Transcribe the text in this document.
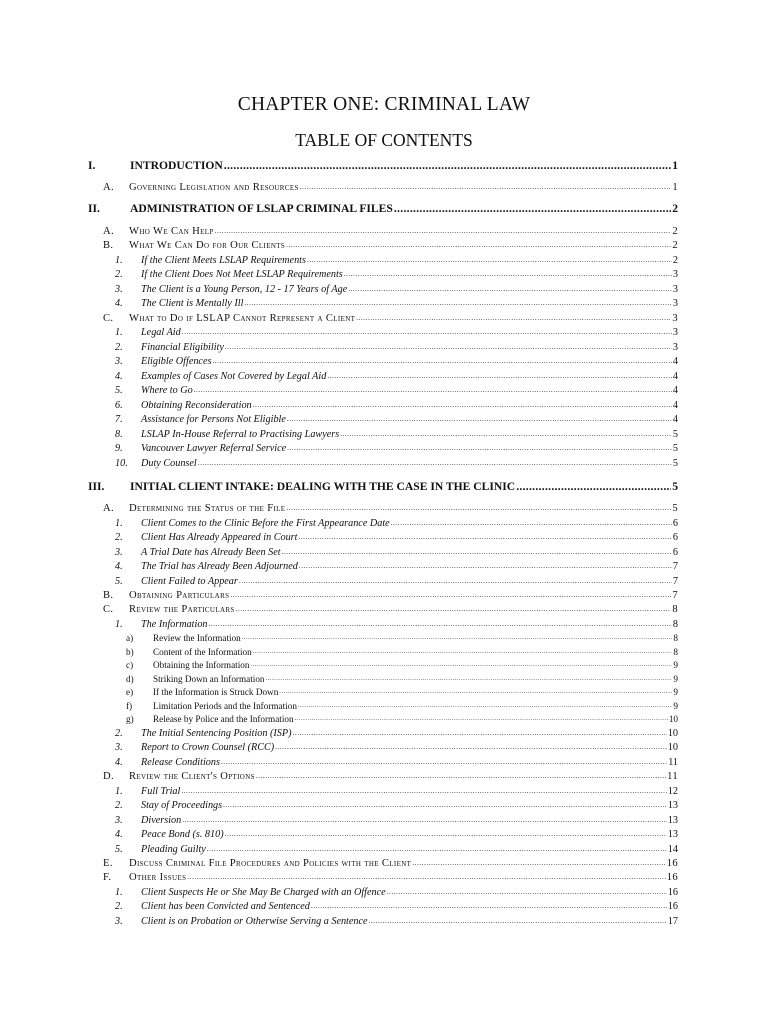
CHAPTER ONE: CRIMINAL LAW
TABLE OF CONTENTS
I.	INTRODUCTION .....	1
A. Governing Legislation and Resources .....	1
II.	ADMINISTRATION OF LSLAP CRIMINAL FILES .....	2
A. Who We Can Help .....	2
B. What We Can Do for Our Clients .....	2
1. If the Client Meets LSLAP Requirements .....	2
2. If the Client Does Not Meet LSLAP Requirements .....	3
3. The Client is a Young Person, 12 - 17 Years of Age .....	3
4. The Client is Mentally Ill .....	3
C. What to Do if LSLAP Cannot Represent a Client .....	3
1. Legal Aid .....	3
2. Financial Eligibility .....	3
3. Eligible Offences .....	4
4. Examples of Cases Not Covered by Legal Aid .....	4
5. Where to Go .....	4
6. Obtaining Reconsideration .....	4
7. Assistance for Persons Not Eligible .....	4
8. LSLAP In-House Referral to Practising Lawyers .....	5
9. Vancouver Lawyer Referral Service .....	5
10. Duty Counsel .....	5
III. INITIAL CLIENT INTAKE: DEALING WITH THE CASE IN THE CLINIC .....	5
A. Determining the Status of the File .....	5
1. Client Comes to the Clinic Before the First Appearance Date .....	6
2. Client Has Already Appeared in Court .....	6
3. A Trial Date has Already Been Set .....	6
4. The Trial has Already Been Adjourned .....	7
5. Client Failed to Appear .....	7
B. Obtaining Particulars .....	7
C. Review the Particulars .....	8
1. The Information .....	8
a) Review the Information .....	8
b) Content of the Information .....	8
c) Obtaining the Information .....	9
d) Striking Down an Information .....	9
e) If the Information is Struck Down .....	9
f) Limitation Periods and the Information .....	9
g) Release by Police and the Information .....	10
2. The Initial Sentencing Position (ISP) .....	10
3. Report to Crown Counsel (RCC) .....	10
4. Release Conditions .....	11
D. Review the Client's Options .....	11
1. Full Trial .....	12
2. Stay of Proceedings .....	13
3. Diversion .....	13
4. Peace Bond (s. 810) .....	13
5. Pleading Guilty .....	14
E. Discuss Criminal File Procedures and Policies with the Client .....	16
F. Other Issues .....	16
1. Client Suspects He or She May Be Charged with an Offence .....	16
2. Client has been Convicted and Sentenced .....	16
3. Client is on Probation or Otherwise Serving a Sentence .....	17
